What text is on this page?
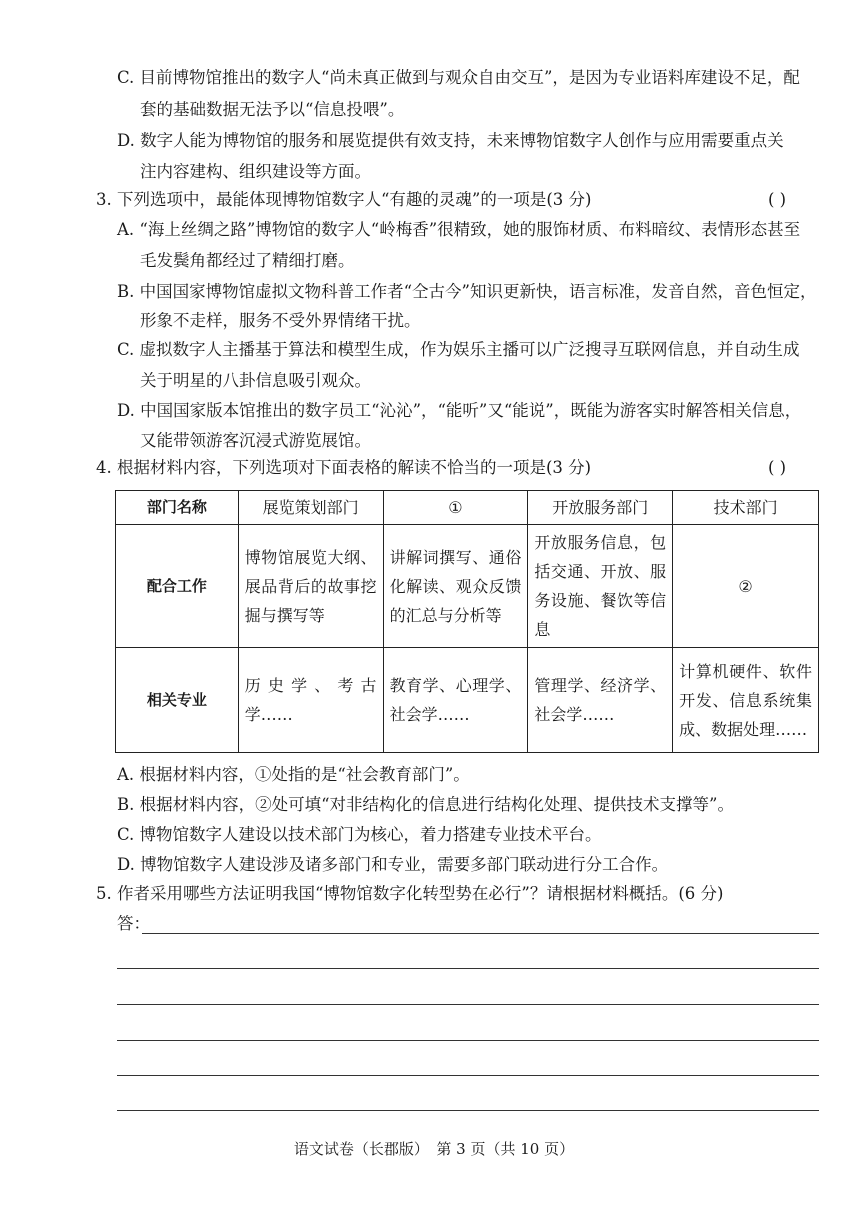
C. 目前博物馆推出的数字人“尚未真正做到与观众自由交互”，是因为专业语料库建设不足，配
套的基础数据无法予以“信息投喂”。
D. 数字人能为博物馆的服务和展览提供有效支持，未来博物馆数字人创作与应用需要重点关
注内容建构、组织建设等方面。
3. 下列选项中，最能体现博物馆数字人“有趣的灵魂”的一项是(3 分)	( )
A. “海上丝绸之路”博物馆的数字人“岭梅香”很精致，她的服饰材质、布料暗纹、表情形态甚至
毛发鬓角都经过了精细打磨。
B. 中国国家博物馆虚拟文物科普工作者“仝古今”知识更新快，语言标准，发音自然，音色恒定，
形象不走样，服务不受外界情绪干扰。
C. 虚拟数字人主播基于算法和模型生成，作为娱乐主播可以广泛搜寻互联网信息，并自动生成
关于明星的八卦信息吸引观众。
D. 中国国家版本馆推出的数字员工“沁沁”，“能听”又“能说”，既能为游客实时解答相关信息，
又能带领游客沉浸式游览展馆。
4. 根据材料内容，下列选项对下面表格的解读不恰当的一项是(3 分)	( )
部门名称	展览策划部门	①	开放服务部门	技术部门
配合工作	博物馆展览大纲、展品背后的故事挖掘与撰写等	讲解词撰写、通俗化解读、观众反馈的汇总与分析等	开放服务信息，包括交通、开放、服务设施、餐饮等信息	②
相关专业	历史学、考古学……	教育学、心理学、社会学……	管理学、经济学、社会学……	计算机硬件、软件开发、信息系统集成、数据处理……
A. 根据材料内容，①处指的是“社会教育部门”。
B. 根据材料内容，②处可填“对非结构化的信息进行结构化处理、提供技术支撑等”。
C. 博物馆数字人建设以技术部门为核心，着力搭建专业技术平台。
D. 博物馆数字人建设涉及诸多部门和专业，需要多部门联动进行分工合作。
5. 作者采用哪些方法证明我国“博物馆数字化转型势在必行”？请根据材料概括。(6 分)
答：
语文试卷（长郡版）　第 3 页（共 10 页）
